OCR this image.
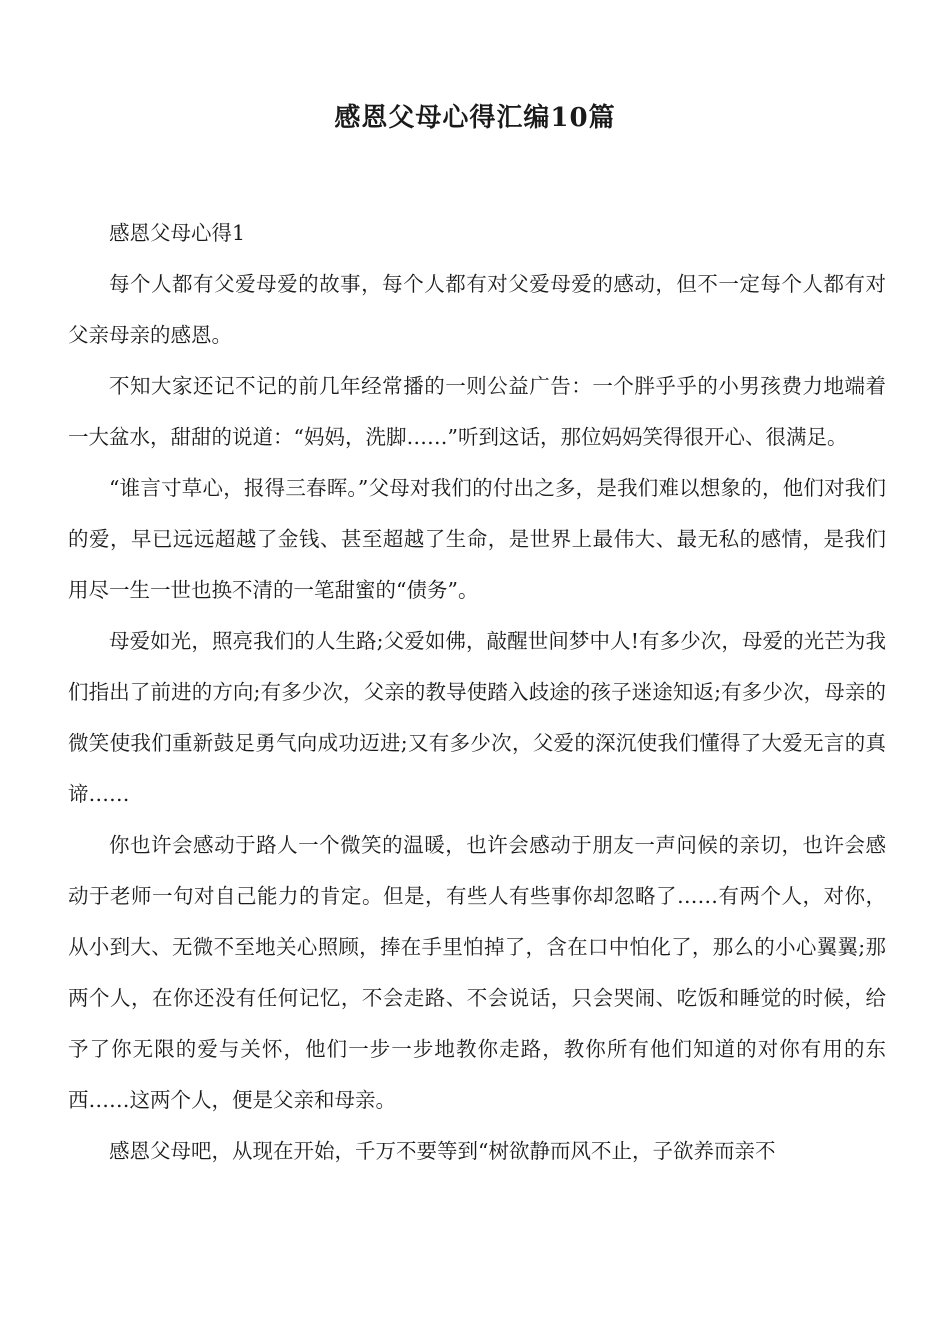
感恩父母心得汇编10篇

感恩父母心得1

每个人都有父爱母爱的故事，每个人都有对父爱母爱的感动，但不一定每个人都有对父亲母亲的感恩。

不知大家还记不记的前几年经常播的一则公益广告：一个胖乎乎的小男孩费力地端着一大盆水，甜甜的说道：“妈妈，洗脚……”听到这话，那位妈妈笑得很开心、很满足。

“谁言寸草心，报得三春晖。”父母对我们的付出之多，是我们难以想象的，他们对我们的爱，早已远远超越了金钱、甚至超越了生命，是世界上最伟大、最无私的感情，是我们用尽一生一世也换不清的一笔甜蜜的“债务”。

母爱如光，照亮我们的人生路;父爱如佛，敲醒世间梦中人!有多少次，母爱的光芒为我们指出了前进的方向;有多少次，父亲的教导使踏入歧途的孩子迷途知返;有多少次，母亲的微笑使我们重新鼓足勇气向成功迈进;又有多少次，父爱的深沉使我们懂得了大爱无言的真谛……

你也许会感动于路人一个微笑的温暖，也许会感动于朋友一声问候的亲切，也许会感动于老师一句对自己能力的肯定。但是，有些人有些事你却忽略了……有两个人，对你，从小到大、无微不至地关心照顾，捧在手里怕掉了，含在口中怕化了，那么的小心翼翼;那两个人，在你还没有任何记忆，不会走路、不会说话，只会哭闹、吃饭和睡觉的时候，给予了你无限的爱与关怀，他们一步一步地教你走路，教你所有他们知道的对你有用的东西……这两个人，便是父亲和母亲。

感恩父母吧，从现在开始，千万不要等到“树欲静而风不止，子欲养而亲不
